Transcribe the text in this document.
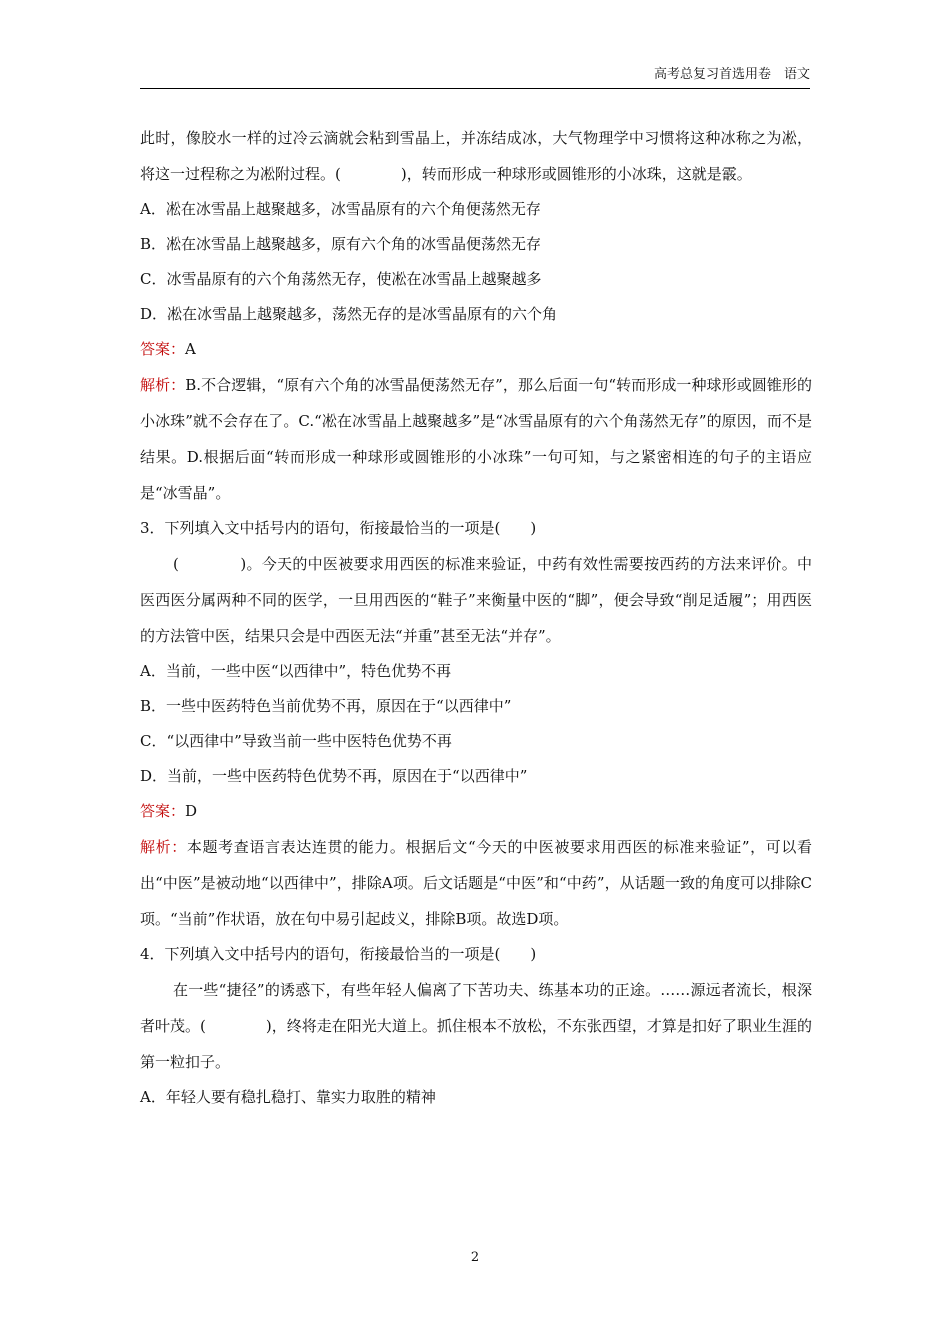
高考总复习首选用卷　语文

此时，像胶水一样的过冷云滴就会粘到雪晶上，并冻结成冰，大气物理学中习惯将这种冰称之为凇，将这一过程称之为凇附过程。(　　　　)，转而形成一种球形或圆锥形的小冰珠，这就是霰。

A．凇在冰雪晶上越聚越多，冰雪晶原有的六个角便荡然无存

B．凇在冰雪晶上越聚越多，原有六个角的冰雪晶便荡然无存

C．冰雪晶原有的六个角荡然无存，使凇在冰雪晶上越聚越多

D．凇在冰雪晶上越聚越多，荡然无存的是冰雪晶原有的六个角

答案：A

解析：B.不合逻辑，“原有六个角的冰雪晶便荡然无存”，那么后面一句“转而形成一种球形或圆锥形的小冰珠”就不会存在了。C.“凇在冰雪晶上越聚越多”是“冰雪晶原有的六个角荡然无存”的原因，而不是结果。D.根据后面“转而形成一种球形或圆锥形的小冰珠”一句可知，与之紧密相连的句子的主语应是“冰雪晶”。

3．下列填入文中括号内的语句，衔接最恰当的一项是(　　)

(　　　　)。今天的中医被要求用西医的标准来验证，中药有效性需要按西药的方法来评价。中医西医分属两种不同的医学，一旦用西医的“鞋子”来衡量中医的“脚”，便会导致“削足适履”；用西医的方法管中医，结果只会是中西医无法“并重”甚至无法“并存”。

A．当前，一些中医“以西律中”，特色优势不再

B．一些中医药特色当前优势不再，原因在于“以西律中”

C．“以西律中”导致当前一些中医特色优势不再

D．当前，一些中医药特色优势不再，原因在于“以西律中”

答案：D

解析：本题考查语言表达连贯的能力。根据后文“今天的中医被要求用西医的标准来验证”，可以看出“中医”是被动地“以西律中”，排除A项。后文话题是“中医”和“中药”，从话题一致的角度可以排除C项。“当前”作状语，放在句中易引起歧义，排除B项。故选D项。

4．下列填入文中括号内的语句，衔接最恰当的一项是(　　)

在一些“捷径”的诱惑下，有些年轻人偏离了下苦功夫、练基本功的正途。……源远者流长，根深者叶茂。(　　　　)，终将走在阳光大道上。抓住根本不放松，不东张西望，才算是扣好了职业生涯的第一粒扣子。

A．年轻人要有稳扎稳打、靠实力取胜的精神

2
